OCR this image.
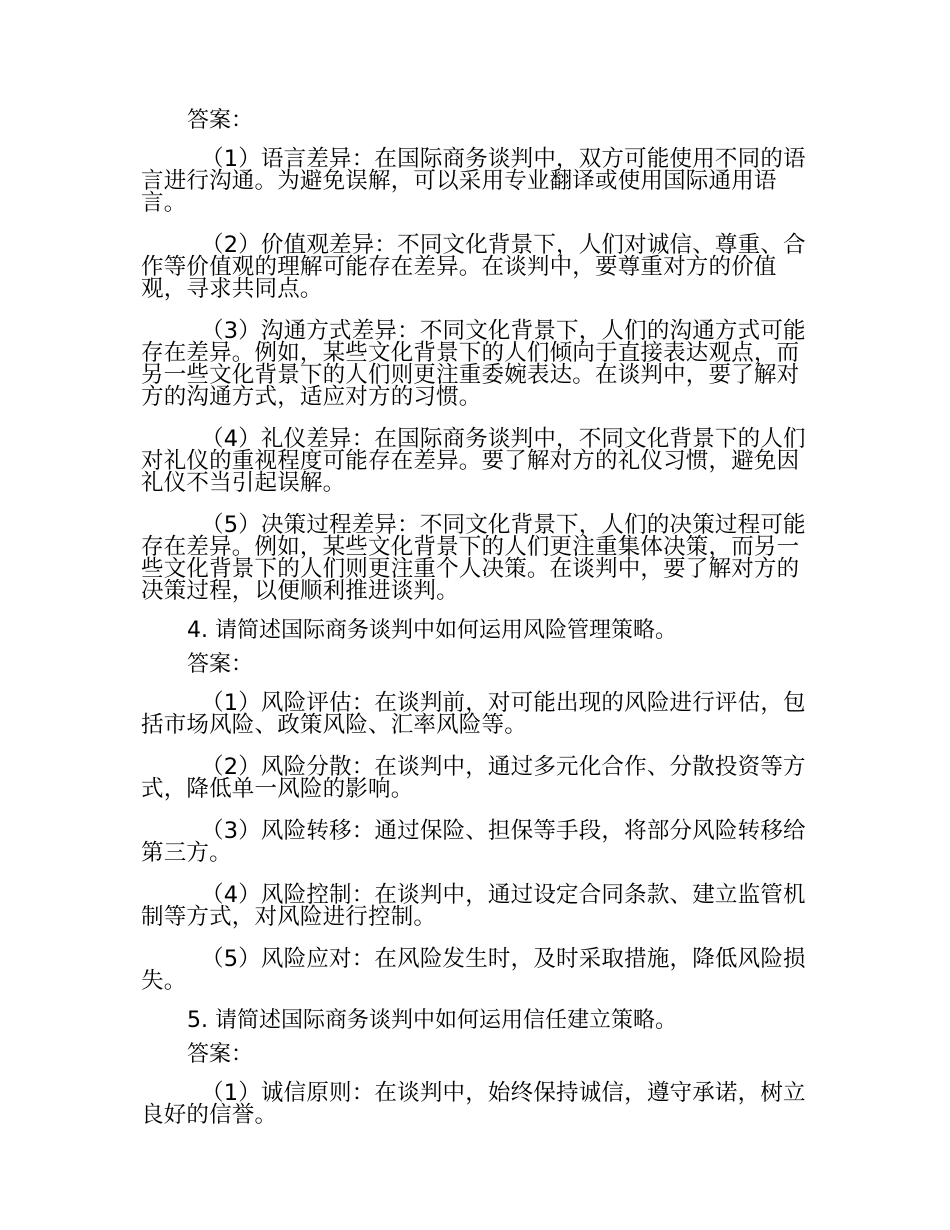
答案：

（1）语言差异：在国际商务谈判中，双方可能使用不同的语言进行沟通。为避免误解，可以采用专业翻译或使用国际通用语言。

（2）价值观差异：不同文化背景下，人们对诚信、尊重、合作等价值观的理解可能存在差异。在谈判中，要尊重对方的价值观，寻求共同点。

（3）沟通方式差异：不同文化背景下，人们的沟通方式可能存在差异。例如，某些文化背景下的人们倾向于直接表达观点，而另一些文化背景下的人们则更注重委婉表达。在谈判中，要了解对方的沟通方式，适应对方的习惯。

（4）礼仪差异：在国际商务谈判中，不同文化背景下的人们对礼仪的重视程度可能存在差异。要了解对方的礼仪习惯，避免因礼仪不当引起误解。

（5）决策过程差异：不同文化背景下，人们的决策过程可能存在差异。例如，某些文化背景下的人们更注重集体决策，而另一些文化背景下的人们则更注重个人决策。在谈判中，要了解对方的决策过程，以便顺利推进谈判。

4. 请简述国际商务谈判中如何运用风险管理策略。
答案：

（1）风险评估：在谈判前，对可能出现的风险进行评估，包括市场风险、政策风险、汇率风险等。

（2）风险分散：在谈判中，通过多元化合作、分散投资等方式，降低单一风险的影响。

（3）风险转移：通过保险、担保等手段，将部分风险转移给第三方。

（4）风险控制：在谈判中，通过设定合同条款、建立监管机制等方式，对风险进行控制。

（5）风险应对：在风险发生时，及时采取措施，降低风险损失。

5. 请简述国际商务谈判中如何运用信任建立策略。
答案：

（1）诚信原则：在谈判中，始终保持诚信，遵守承诺，树立良好的信誉。
